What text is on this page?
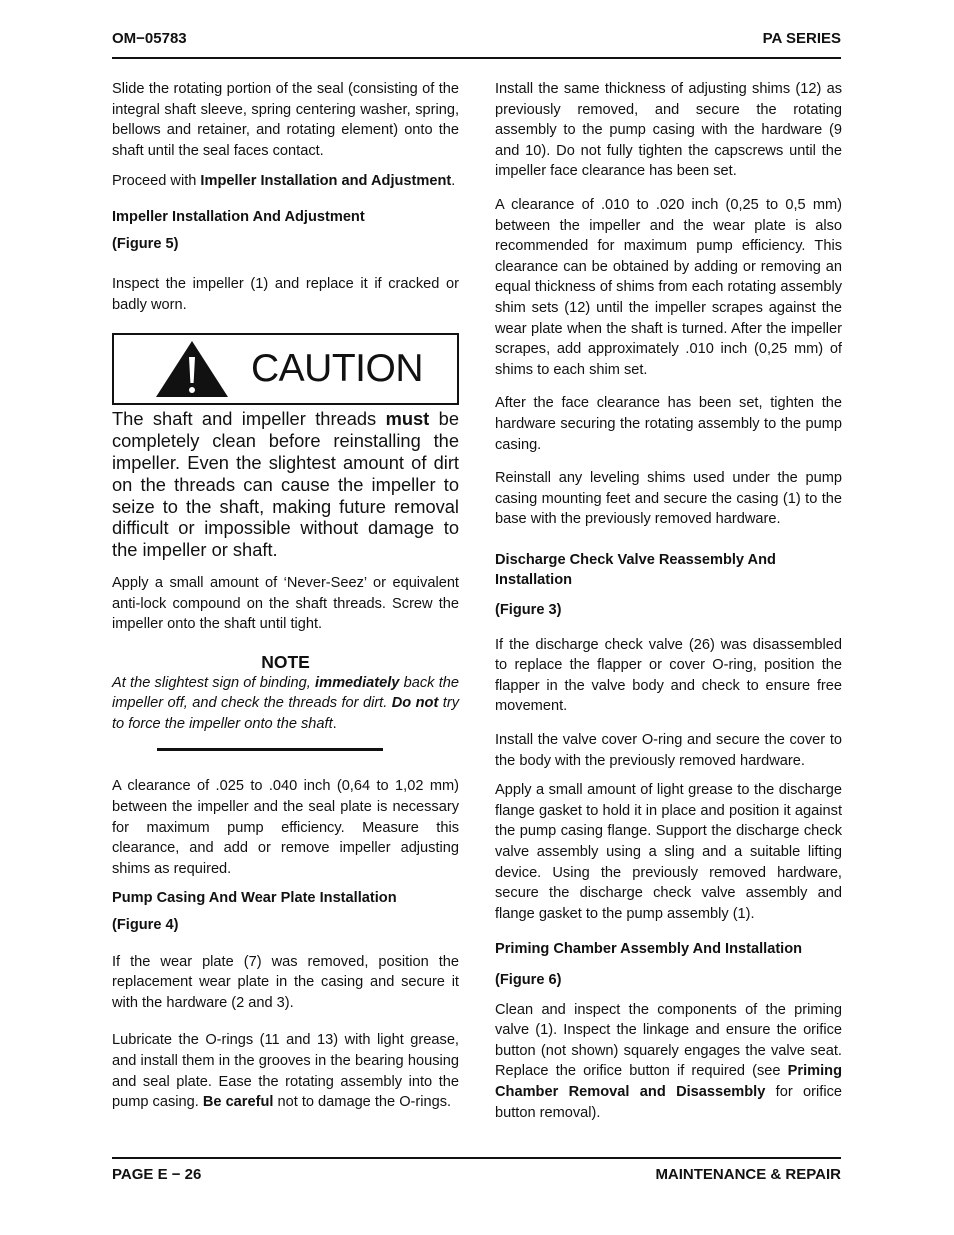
OM−05783	PA SERIES

Slide the rotating portion of the seal (consisting of the integral shaft sleeve, spring centering washer, spring, bellows and retainer, and rotating element) onto the shaft until the seal faces contact.

Proceed with Impeller Installation and Adjustment.

Impeller Installation And Adjustment

(Figure 5)

Inspect the impeller (1) and replace it if cracked or badly worn.

CAUTION

The shaft and impeller threads must be completely clean before reinstalling the impeller. Even the slightest amount of dirt on the threads can cause the impeller to seize to the shaft, making future removal difficult or impossible without damage to the impeller or shaft.

Apply a small amount of ‘Never-Seez’ or equivalent anti-lock compound on the shaft threads. Screw the impeller onto the shaft until tight.

NOTE

At the slightest sign of binding, immediately back the impeller off, and check the threads for dirt. Do not try to force the impeller onto the shaft.

A clearance of .025 to .040 inch (0,64 to 1,02 mm) between the impeller and the seal plate is necessary for maximum pump efficiency. Measure this clearance, and add or remove impeller adjusting shims as required.

Pump Casing And Wear Plate Installation

(Figure 4)

If the wear plate (7) was removed, position the replacement wear plate in the casing and secure it with the hardware (2 and 3).

Lubricate the O-rings (11 and 13) with light grease, and install them in the grooves in the bearing housing and seal plate. Ease the rotating assembly into the pump casing. Be careful not to damage the O-rings.

Install the same thickness of adjusting shims (12) as previously removed, and secure the rotating assembly to the pump casing with the hardware (9 and 10). Do not fully tighten the capscrews until the impeller face clearance has been set.

A clearance of .010 to .020 inch (0,25 to 0,5 mm) between the impeller and the wear plate is also recommended for maximum pump efficiency. This clearance can be obtained by adding or removing an equal thickness of shims from each rotating assembly shim sets (12) until the impeller scrapes against the wear plate when the shaft is turned. After the impeller scrapes, add approximately .010 inch (0,25 mm) of shims to each shim set.

After the face clearance has been set, tighten the hardware securing the rotating assembly to the pump casing.

Reinstall any leveling shims used under the pump casing mounting feet and secure the casing (1) to the base with the previously removed hardware.

Discharge Check Valve Reassembly And Installation

(Figure 3)

If the discharge check valve (26) was disassembled to replace the flapper or cover O-ring, position the flapper in the valve body and check to ensure free movement.

Install the valve cover O-ring and secure the cover to the body with the previously removed hardware.

Apply a small amount of light grease to the discharge flange gasket to hold it in place and position it against the pump casing flange. Support the discharge check valve assembly using a sling and a suitable lifting device. Using the previously removed hardware, secure the discharge check valve assembly and flange gasket to the pump assembly (1).

Priming Chamber Assembly And Installation

(Figure 6)

Clean and inspect the components of the priming valve (1). Inspect the linkage and ensure the orifice button (not shown) squarely engages the valve seat. Replace the orifice button if required (see Priming Chamber Removal and Disassembly for orifice button removal).

PAGE E − 26	MAINTENANCE & REPAIR
